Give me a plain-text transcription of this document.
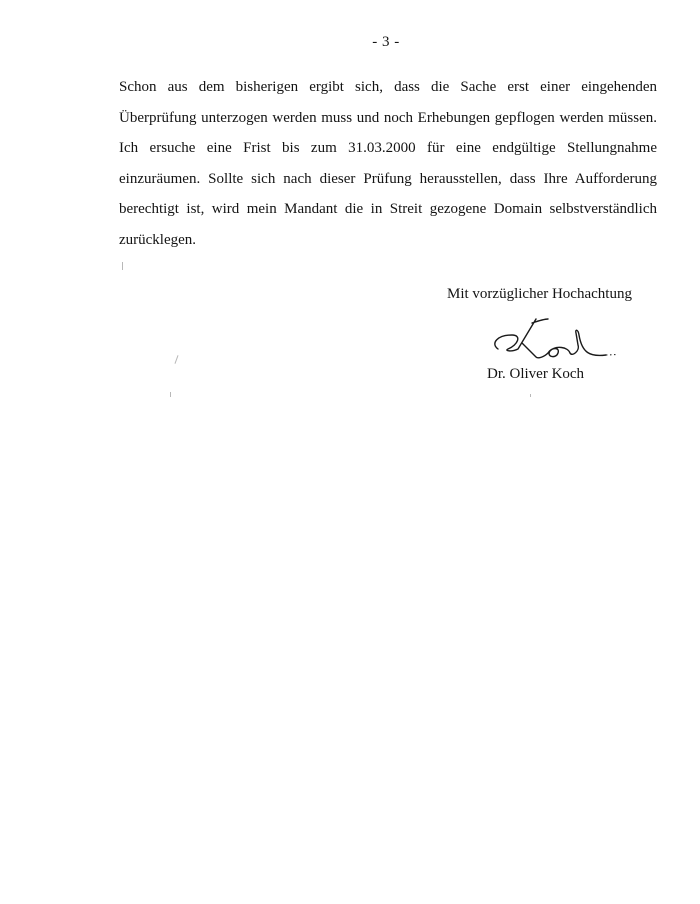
- 3 -
Schon aus dem bisherigen ergibt sich, dass die Sache erst einer eingehenden Überprüfung unterzogen werden muss und noch Erhebungen gepflogen werden müssen. Ich ersuche eine Frist bis zum 31.03.2000 für eine endgültige Stellungnahme einzuräumen. Sollte sich nach dieser Prüfung herausstellen, dass Ihre Aufforderung berechtigt ist, wird mein Mandant die in Streit gezogene Domain selbstverständlich zurücklegen.
Mit vorzüglicher Hochachtung
Dr. Oliver Koch
